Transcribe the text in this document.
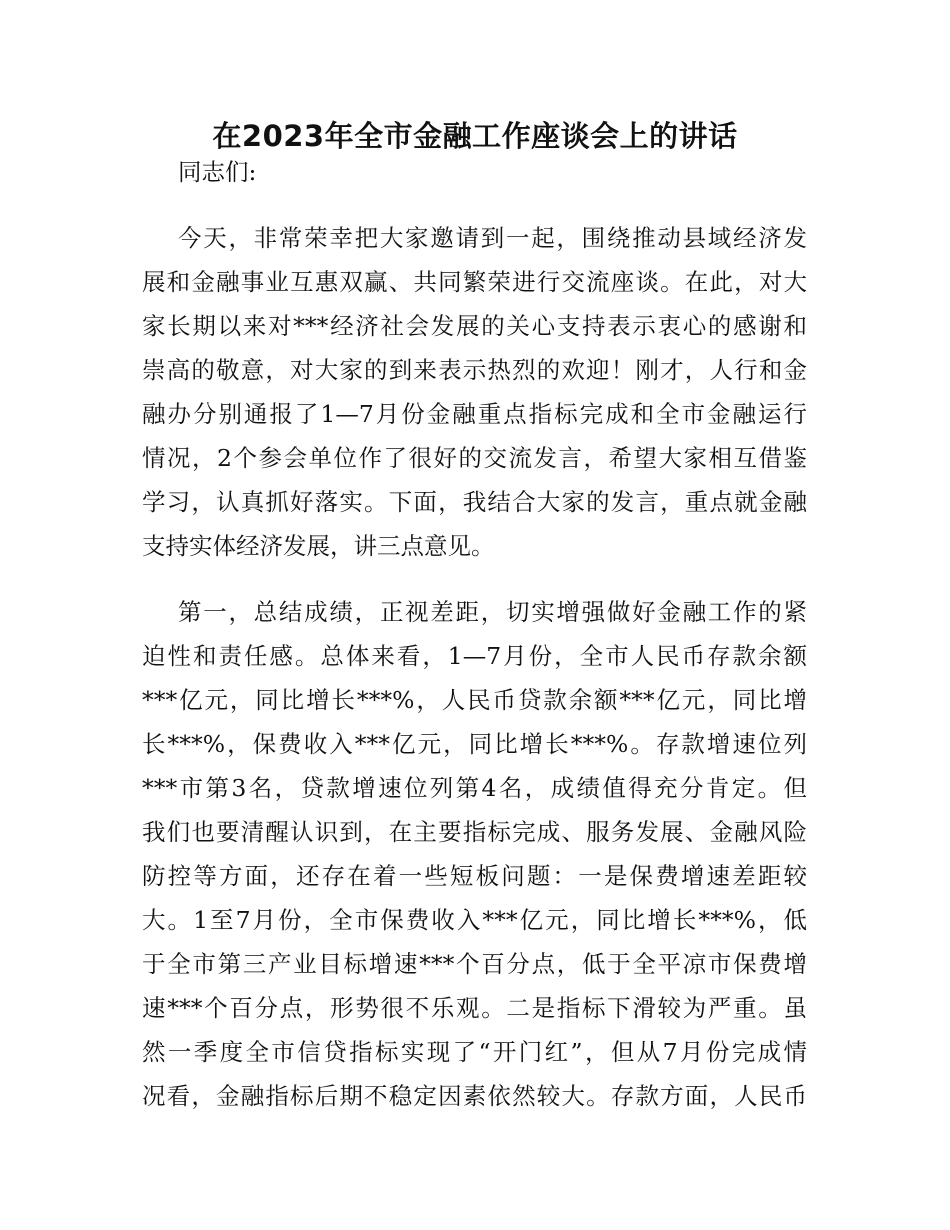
在2023年全市金融工作座谈会上的讲话
同志们:
今天，非常荣幸把大家邀请到一起，围绕推动县域经济发
展和金融事业互惠双赢、共同繁荣进行交流座谈。在此，对大
家长期以来对***经济社会发展的关心支持表示衷心的感谢和
崇高的敬意，对大家的到来表示热烈的欢迎！刚才，人行和金
融办分别通报了1—7月份金融重点指标完成和全市金融运行
情况，2个参会单位作了很好的交流发言，希望大家相互借鉴
学习，认真抓好落实。下面，我结合大家的发言，重点就金融
支持实体经济发展，讲三点意见。
第一，总结成绩，正视差距，切实增强做好金融工作的紧
迫性和责任感。总体来看，1—7月份，全市人民币存款余额
***亿元，同比增长***%，人民币贷款余额***亿元，同比增
长***%，保费收入***亿元，同比增长***%。存款增速位列
***市第3名，贷款增速位列第4名，成绩值得充分肯定。但
我们也要清醒认识到，在主要指标完成、服务发展、金融风险
防控等方面，还存在着一些短板问题：一是保费增速差距较
大。1至7月份，全市保费收入***亿元，同比增长***%，低
于全市第三产业目标增速***个百分点，低于全平凉市保费增
速***个百分点，形势很不乐观。二是指标下滑较为严重。虽
然一季度全市信贷指标实现了“开门红”，但从7月份完成情
况看，金融指标后期不稳定因素依然较大。存款方面，人民币
